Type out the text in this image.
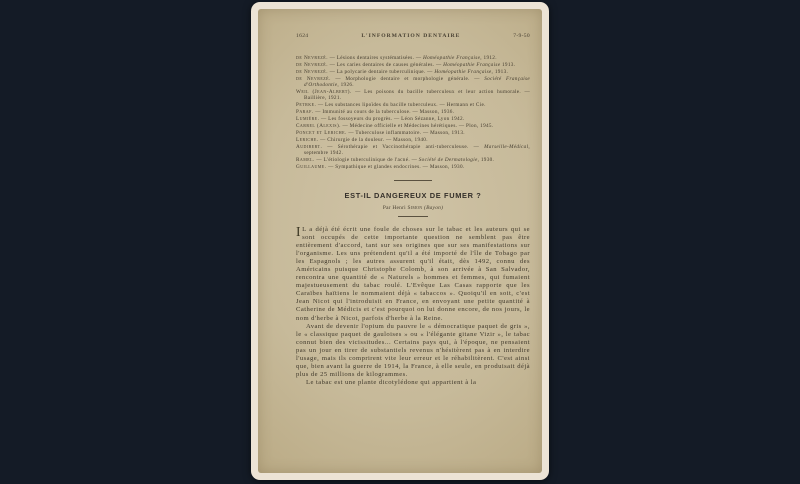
1624	L'INFORMATION DENTAIRE	7-9-50

de Nevrezé. — Lésions dentaires systématisées. — Homéopathie Française, 1912.

de Nevrezé. — Les caries dentaires de causes générales. — Homéopathie Française 1913.

de Nevrezé. — La polycarie dentaire tuberculinique. — Homéopathie Française, 1913.

de Nevrezé. — Morphologie dentaire et morphologie générale. — Société Française d'Orthodontie, 1926.

Weil (Jean-Albert). — Les poisons du bacille tuberculeux et leur action humorale. — Baillière, 1921.

Petrke. — Les substances lipoïdes du bacille tuberculeux. — Hermann et Cie.

Paraf. — Immunité au cours de la tuberculose. — Masson, 1936.

Lumière. — Les fossoyeurs du progrès. — Léon Sézanne, Lyon 1942.

Carrel (Alexis). — Médecine officielle et Médecines hérétiques. — Plon, 1945.

Poncet et Leriche. — Tuberculose inflammatoire. — Masson, 1913.

Leriche. — Chirurgie de la douleur. — Masson, 1940.

Audibert. — Sérothérapie et Vaccinothérapie anti-tuberculeuse. — Marseille-Médical, septembre 1942.

Ramel. — L'étiologie tuberculinique de l'acné. — Société de Dermatologie, 1930.

Guillaume. — Sympathique et glandes endocrines. — Masson, 1930.

EST-IL DANGEREUX DE FUMER ?

Par Henri Simon (Bayon)

I L a déjà été écrit une foule de choses sur le tabac et les auteurs qui se sont occupés de cette importante question ne semblent pas être entièrement d'accord, tant sur ses origines que sur ses manifestations sur l'organisme. Les uns prétendent qu'il a été importé de l'île de Tobago par les Espagnols ; les autres assurent qu'il était, dès 1492, connu des Américains puisque Christophe Colomb, à son arrivée à San Salvador, rencontra une quantité de « Naturels » hommes et femmes, qui fumaient majestueusement du tabac roulé. L'Evêque Las Casas rapporte que les Caraïbes haïtiens le nommaient déjà « tabaccos ». Quoiqu'il en soit, c'est Jean Nicot qui l'introduisit en France, en envoyant une petite quantité à Catherine de Médicis et c'est pourquoi on lui donne encore, de nos jours, le nom d'herbe à Nicot, parfois d'herbe à la Reine.

Avant de devenir l'opium du pauvre le « démocratique paquet de gris », le « classique paquet de gauloises » ou « l'élégante gitane Vizir », le tabac connut bien des vicissitudes... Certains pays qui, à l'époque, ne pensaient pas un jour en tirer de substantiels revenus n'hésitèrent pas à en interdire l'usage, mais ils comprirent vite leur erreur et le réhabilitèrent. C'est ainsi que, bien avant la guerre de 1914, la France, à elle seule, en produisait déjà plus de 25 millions de kilogrammes.

Le tabac est une plante dicotylédone qui appartient à la
